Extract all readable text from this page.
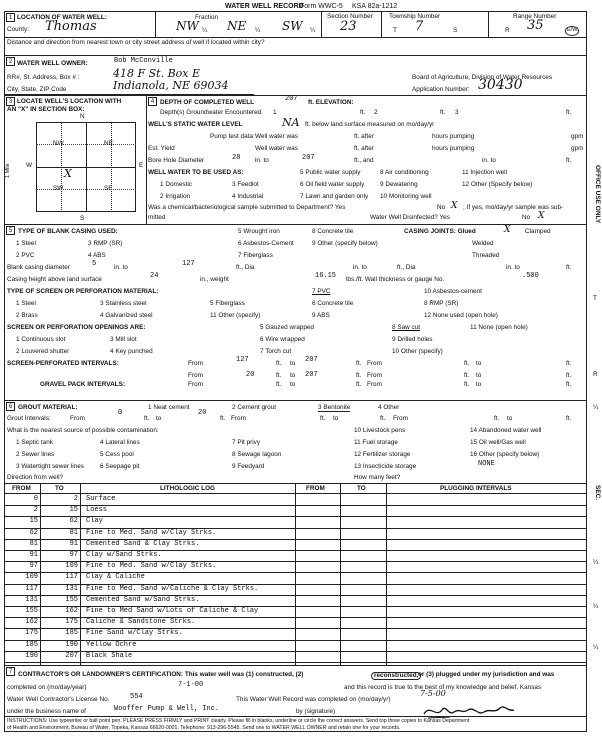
WATER WELL RECORD
Form WWC-5 KSA 82a-1212
1 LOCATION OF WATER WELL:
County: Thomas
Fraction
NW ¼ NE ¼ SW ¼
Section Number
23
Township Number
T 7	S
Range Number
R 35	E/W
Distance and direction from nearest town or city street address of well if located within city?
2 WATER WELL OWNER:	Bob McConville
RR#, St. Address, Box # :	418 F St. Box E
City, State, ZIP Code	Indianola, NE 69034
Board of Agriculture, Division of Water Resources
Application Number: 30430
3 LOCATE WELL'S LOCATION WITH
AN "X" IN SECTION BOX:
N
S
W	E
NW	NE
SW	SE
X
1 Mile
4 DEPTH OF COMPLETED WELL	207 ft. ELEVATION:
Depth(s) Groundwater Encountered 1	ft. 2	ft. 3	ft.
WELL'S STATIC WATER LEVEL	NA ft. below land surface measured on mo/day/yr
Pump test data: Well water was	ft. after	hours pumping	gpm
Est. Yield	Well water was	ft. after	hours pumping	gpm
Bore Hole Diameter	28 in. to	207	ft., and	in. to	ft.
WELL WATER TO BE USED AS:	5 Public water supply	8 Air conditioning	11 Injection well
1 Domestic	3 Feedlot	6 Oil field water supply 9 Dewatering	12 Other (Specify below)
2 Irrigation	4 Industrial	7 Lawn and garden only 10 Monitoring well
Was a chemical/bacteriological sample submitted to Department? Yes	No X ; If yes, mo/day/yr sample was sub-
mitted	Water Well Disinfected? Yes	No X
5 TYPE OF BLANK CASING USED:	5 Wrought iron	8 Concrete tile	CASING JOINTS: Glued	X Clamped
1 Steel	3 RMP (SR)	6 Asbestos-Cement	9 Other (specify below)	Welded
2 PVC	4 ABS	7 Fiberglass	Threaded
Blank casing diameter	5	in. to	127	ft., Dia	in. to	ft., Dia	in. to	ft.
Casing height above land surface	24	in., weight	16.15 lbs./ft. Wall thickness or gauge No.	.500
TYPE OF SCREEN OR PERFORATION MATERIAL:	7 PVC	10 Asbestos-cement
1 Steel	3 Stainless steel	5 Fiberglass	6 Concrete tile	8 RMP (SR)
2 Brass	4 Galvanized steel	11 Other (specify)	9 ABS	12 None used (open hole)
SCREEN OR PERFORATION OPENINGS ARE:	5 Gauzed wrapped	8 Saw cut	11 None (open hole)
1 Continuous slot	3 Mill slot	6 Wire wrapped	9 Drilled holes
2 Louvered shutter	4 Key punched	7 Torch cut	10 Other (specify)
SCREEN-PERFORATED INTERVALS:	From	127	ft. to 207	ft. From	ft. to	ft.
From	ft. to	ft. From	ft. to	ft.
GRAVEL PACK INTERVALS:	From
20
ft. to
207
ft. From	ft. to	ft.
6 GROUT MATERIAL:	1 Neat cement	2 Cement grout	3 Bentonite	4 Other
Grout Intervals:	From
0
ft. to
20
ft. From	ft. to	ft. From	ft. to	ft.
What is the nearest source of possible contamination:	10 Livestock pens	14 Abandoned water well
1 Septic tank	4 Lateral lines	7 Pit privy	11 Fuel storage	15 Oil well/Gas well
2 Sewer lines	5 Cess pool	8 Sewage lagoon	12 Fertilizer storage	16 Other (specify below)
3 Watertight sewer lines	6 Seepage pit	9 Feedyard	13 Insecticide storage	NONE
Direction from well?	How many feet?
FROM	TO	LITHOLOGIC LOG	FROM	TO	PLUGGING INTERVALS
0	2 Surface
2	15 Loess
15	62 Clay
62	81 Fine to Med. Sand w/Clay Strks.
81	91 Cemented Sand & Clay Strks.
91	97 Clay w/Sand Strks.
97	109 Fine to Med. Sand w/Clay Strks.
109	117 Clay & Caliche
117	131 Fine to Med. Sand w/Caliche & Clay Strks.
131	155 Cemented Sand w/Sand Strks.
155	162 Fine to Med Sand w/Lots of Caliche & Clay
162	175 Caliche & Sandstone Strks.
175	185 Fine Sand w/Clay Strks.
185	190 Yellow Ochre
190	207 Black Shale
7 CONTRACTOR'S OR LANDOWNER'S CERTIFICATION: This water well was (1) constructed, (2)	reconstructed, or (3) plugged under my jurisdiction and was
completed on (mo/day/year)	7-1-00	and this record is true to the best of my knowledge and belief. Kansas
Water Well Contractor's License No.	554	This Water Well Record was completed on (mo/day/yr)
7-5-00
under the business name of	Wooffer Pump & Well, Inc.	by (signature)
INSTRUCTIONS: Use typewriter or ball point pen. PLEASE PRESS FIRMLY and PRINT clearly. Please fill in blanks, underline or circle the correct answers. Send top three copies to Kansas Department
of Health and Environment, Bureau of Water, Topeka, Kansas 66620-0001. Telephone: 913-296-5545. Send one to WATER WELL OWNER and retain one for your records.
OFFICE USE ONLY
T
R
¼
SEC.
¼
¼
¼
